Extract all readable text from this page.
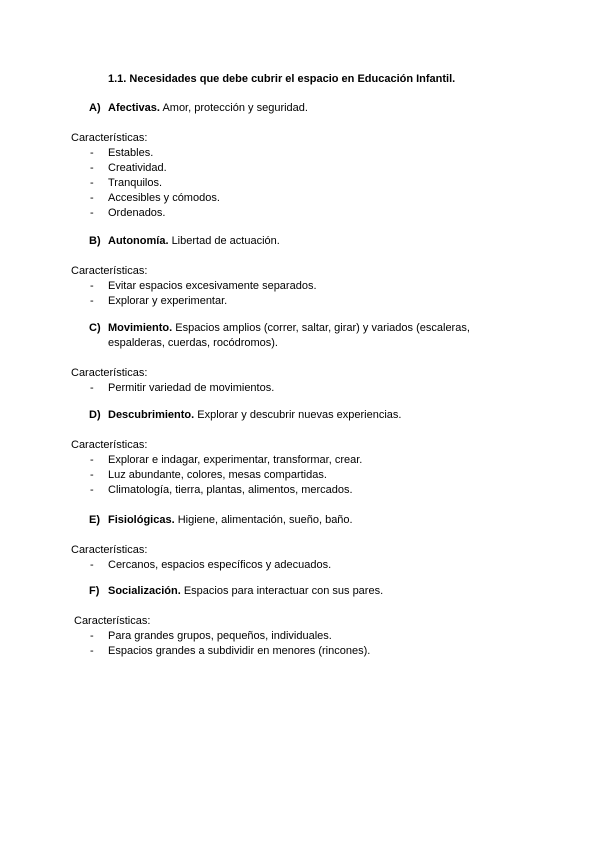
1.1. Necesidades que debe cubrir el espacio en Educación Infantil.
A) Afectivas. Amor, protección y seguridad.
Características:
- Estables.
- Creatividad.
- Tranquilos.
- Accesibles y cómodos.
- Ordenados.
B) Autonomía. Libertad de actuación.
Características:
- Evitar espacios excesivamente separados.
- Explorar y experimentar.
C) Movimiento. Espacios amplios (correr, saltar, girar) y variados (escaleras, espalderas, cuerdas, rocódromos).
Características:
- Permitir variedad de movimientos.
D) Descubrimiento. Explorar y descubrir nuevas experiencias.
Características:
- Explorar e indagar, experimentar, transformar, crear.
- Luz abundante, colores, mesas compartidas.
- Climatología, tierra, plantas, alimentos, mercados.
E) Fisiológicas. Higiene, alimentación, sueño, baño.
Características:
- Cercanos, espacios específicos y adecuados.
F) Socialización. Espacios para interactuar con sus pares.
Características:
- Para grandes grupos, pequeños, individuales.
- Espacios grandes a subdividir en menores (rincones).
